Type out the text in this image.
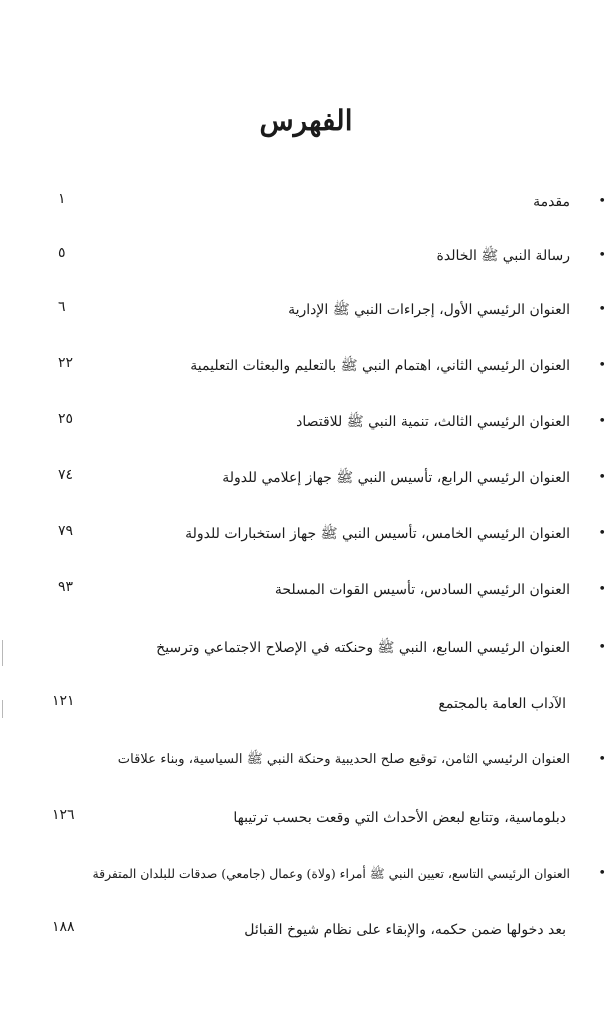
الفهرس
•
مقدمة
١
•
رسالة النبي ﷺ الخالدة
٥
•
العنوان الرئيسي الأول، إجراءات النبي ﷺ الإدارية
٦
•
العنوان الرئيسي الثاني، اهتمام النبي ﷺ بالتعليم والبعثات التعليمية
٢٢
•
العنوان الرئيسي الثالث، تنمية النبي ﷺ للاقتصاد
٢٥
•
العنوان الرئيسي الرابع، تأسيس النبي ﷺ جهاز إعلامي للدولة
٧٤
•
العنوان الرئيسي الخامس، تأسيس النبي ﷺ جهاز استخبارات للدولة
٧٩
•
العنوان الرئيسي السادس، تأسيس القوات المسلحة
٩٣
•
العنوان الرئيسي السابع، النبي ﷺ وحنكته في الإصلاح الاجتماعي وترسيخ
الآداب العامة بالمجتمع
١٢١
•
العنوان الرئيسي الثامن، توقيع صلح الحديبية وحنكة النبي ﷺ السياسية، وبناء علاقات
دبلوماسية، وتتابع لبعض الأحداث التي وقعت بحسب ترتيبها
١٢٦
•
العنوان الرئيسي التاسع، تعيين النبي ﷺ أمراء (ولاة) وعمال (جامعي) صدقات للبلدان المتفرقة
بعد دخولها ضمن حكمه، والإبقاء على نظام شيوخ القبائل
١٨٨
